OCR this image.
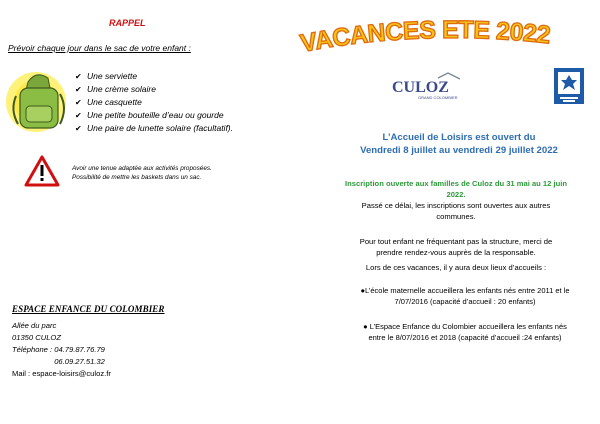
RAPPEL
Prévoir chaque jour dans le sac de votre enfant :
✔ Une serviette
✔ Une crème solaire
✔ Une casquette
✔ Une petite bouteille d’eau ou gourde
✔ Une paire de lunette solaire (facultatif).
Avoir une tenue adaptée aux activités proposées.
Possibilité de mettre les baskets dans un sac.
ESPACE ENFANCE DU COLOMBIER
Allée du parc
01350 CULOZ
Téléphone : 04.79.87.76.79
06.09.27.51.32
Mail : espace-loisirs@culoz.fr
VACANCES ETE 2022
CULOZ
GRAND COLOMBIER
L’Accueil de Loisirs est ouvert du
Vendredi 8 juillet au vendredi 29 juillet 2022
Inscription ouverte aux familles de Culoz du 31 mai au 12 juin
2022.
Passé ce délai, les inscriptions sont ouvertes aux autres
communes.
Pour tout enfant ne fréquentant pas la structure, merci de
prendre rendez-vous auprès de la responsable.
Lors de ces vacances, il y aura deux lieux d’accueils :
●L’école maternelle accueillera les enfants nés entre 2011 et le
7/07/2016 (capacité d’accueil : 20 enfants)
● L’Espace Enfance du Colombier accueillera les enfants nés
entre le 8/07/2016 et 2018 (capacité d’accueil :24 enfants)
